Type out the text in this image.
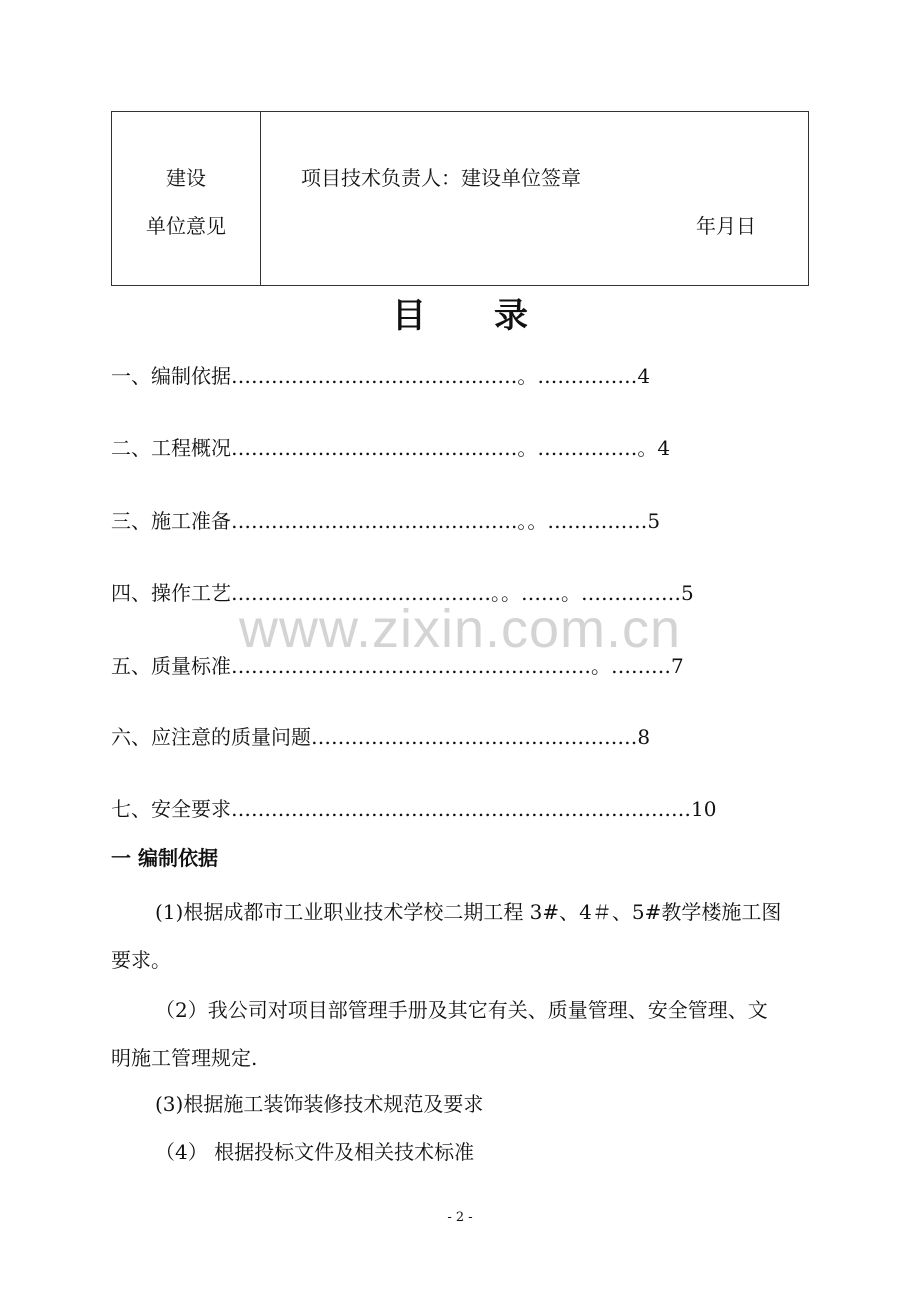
建设
单位意见
项目技术负责人：建设单位签章
年月日
目录
一、编制依据……………………………….……。……………4
二、工程概况……………………………….……。……………。4
三、施工准备…………………………………….。。……………5
四、操作工艺…………………………………。。……。……………5
五、质量标准………………………………………………。………7
六、应注意的质量问题……………………………….…………8
七、安全要求……………………………………………………………10
www.zixin.com.cn
一 编制依据
(1)根据成都市工业职业技术学校二期工程 3#、4＃、5#教学楼施工图
要求。
（2）我公司对项目部管理手册及其它有关、质量管理、安全管理、文
明施工管理规定.
(3)根据施工装饰装修技术规范及要求
（4） 根据投标文件及相关技术标准
- 2 -
